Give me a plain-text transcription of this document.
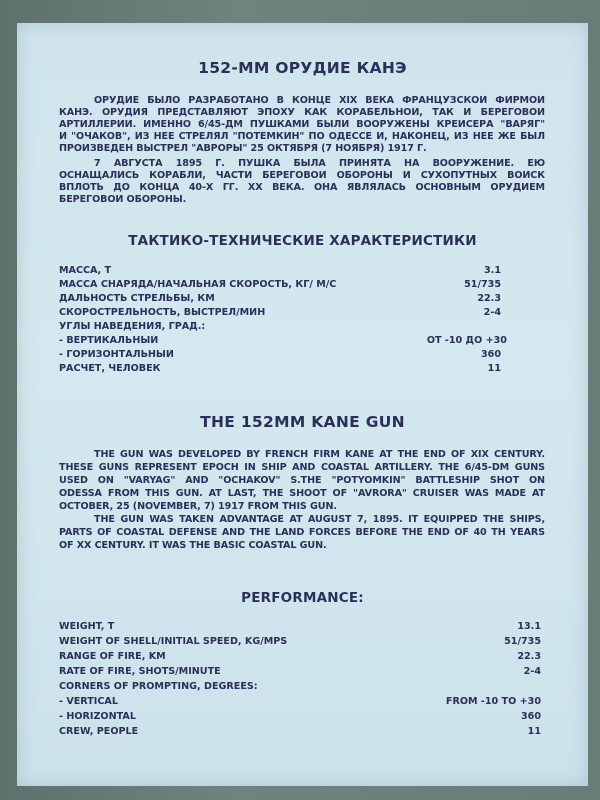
152-ММ ОРУДИЕ КАНЭ

ОРУДИЕ БЫЛО РАЗРАБОТАНО В КОНЦЕ XIX ВЕКА ФРАНЦУЗСКОЙ ФИРМОЙ

КАНЭ. ОРУДИЯ ПРЕДСТАВЛЯЮТ ЭПОХУ КАК КОРАБЕЛЬНОЙ, ТАК И БЕРЕГОВОЙ

АРТИЛЛЕРИИ. ИМЕННО 6/45-ДМ ПУШКАМИ БЫЛИ ВООРУЖЕНЫ КРЕЙСЕРА "ВАРЯГ"

И "ОЧАКОВ", ИЗ НЕЕ СТРЕЛЯЛ "ПОТЕМКИН" ПО ОДЕССЕ И, НАКОНЕЦ, ИЗ НЕЕ ЖЕ БЫЛ

ПРОИЗВЕДЕН ВЫСТРЕЛ "АВРОРЫ" 25 ОКТЯБРЯ (7 НОЯБРЯ) 1917 Г.

7 АВГУСТА 1895 Г. ПУШКА БЫЛА ПРИНЯТА НА ВООРУЖЕНИЕ. ЕЮ

ОСНАЩАЛИСЬ КОРАБЛИ, ЧАСТИ БЕРЕГОВОЙ ОБОРОНЫ И СУХОПУТНЫХ ВОЙСК

ВПЛОТЬ ДО КОНЦА 40-Х ГГ. XX ВЕКА. ОНА ЯВЛЯЛАСЬ ОСНОВНЫМ ОРУДИЕМ

БЕРЕГОВОЙ ОБОРОНЫ.

ТАКТИКО-ТЕХНИЧЕСКИЕ ХАРАКТЕРИСТИКИ

МАССА, Т	3.1

МАССА СНАРЯДА/НАЧАЛЬНАЯ СКОРОСТЬ, КГ/ М/С	51/735

ДАЛЬНОСТЬ СТРЕЛЬБЫ, КМ	22.3

СКОРОСТРЕЛЬНОСТЬ, ВЫСТРЕЛ/МИН	2-4

УГЛЫ НАВЕДЕНИЯ, ГРАД.:

- ВЕРТИКАЛЬНЫЙ	ОТ -10 ДО +30

- ГОРИЗОНТАЛЬНЫЙ	360

РАСЧЕТ, ЧЕЛОВЕК	11

THE 152MM KANE GUN

THE GUN WAS DEVELOPED BY FRENCH FIRM KANE AT THE END OF XIX CENTURY.

THESE GUNS REPRESENT EPOCH IN SHIP AND COASTAL ARTILLERY. THE 6/45-DM GUNS

USED ON "VARYAG" AND "OCHAKOV" S.THE "POTYOMKIN" BATTLESHIP SHOT ON

ODESSA FROM THIS GUN. AT LAST, THE SHOOT OF "AVRORA" CRUISER WAS MADE AT

OCTOBER, 25 (NOVEMBER, 7) 1917 FROM THIS GUN.

THE GUN WAS TAKEN ADVANTAGE AT AUGUST 7, 1895. IT EQUIPPED THE SHIPS,

PARTS OF COASTAL DEFENSE AND THE LAND FORCES BEFORE THE END OF 40 TH YEARS

OF XX CENTURY. IT WAS THE BASIC COASTAL GUN.

PERFORMANCE:

WEIGHT, T	13.1

WEIGHT OF SHELL/INITIAL SPEED, KG/MPS	51/735

RANGE OF FIRE, KM	22.3

RATE OF FIRE, SHOTS/MINUTE	2-4

CORNERS OF PROMPTING, DEGREES:

- VERTICAL	FROM -10 TO +30

- HORIZONTAL	360

CREW, PEOPLE	11
